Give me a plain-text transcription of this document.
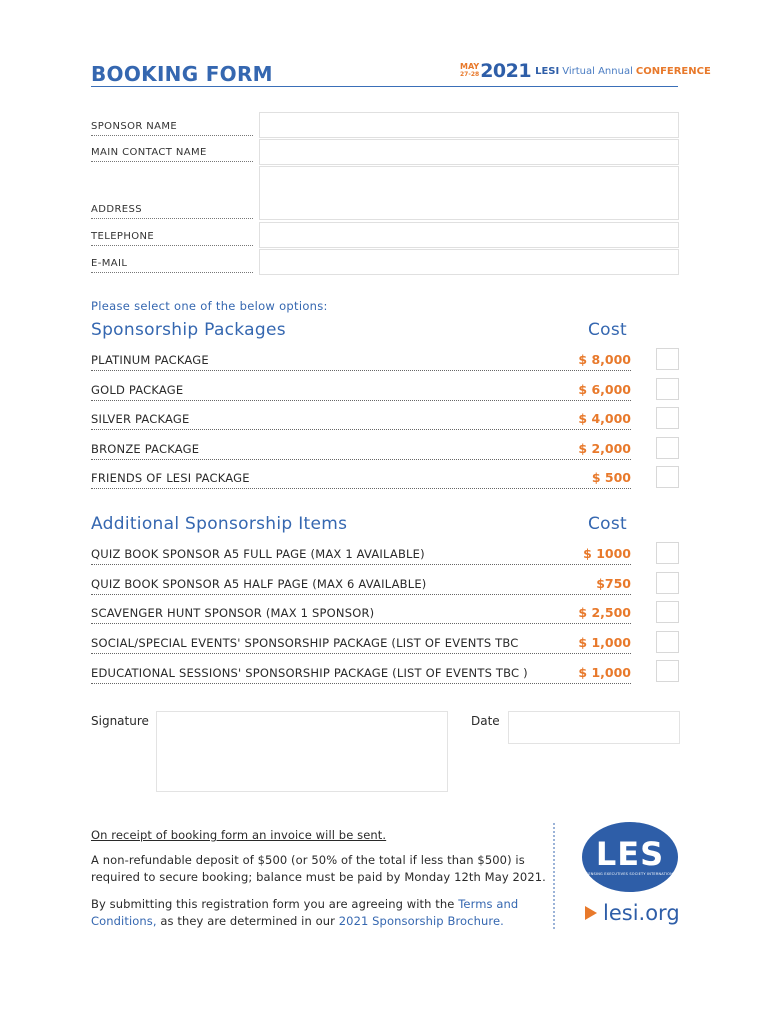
BOOKING FORM	MAY
27-28 2021 LESI Virtual Annual CONFERENCE
SPONSOR NAME
MAIN CONTACT NAME
ADDRESS
TELEPHONE
E-MAIL
Please select one of the below options:
Sponsorship Packages	Cost
PLATINUM PACKAGE	$ 8,000
GOLD PACKAGE	$ 6,000
SILVER PACKAGE	$ 4,000
BRONZE PACKAGE	$ 2,000
FRIENDS OF LESI PACKAGE	$ 500
Additional Sponsorship Items	Cost
QUIZ BOOK SPONSOR A5 FULL PAGE (MAX 1 AVAILABLE)	$ 1000
QUIZ BOOK SPONSOR A5 HALF PAGE (MAX 6 AVAILABLE)	$750
SCAVENGER HUNT SPONSOR (MAX 1 SPONSOR)	$ 2,500
SOCIAL/SPECIAL EVENTS' SPONSORSHIP PACKAGE (LIST OF EVENTS TBC	$ 1,000
EDUCATIONAL SESSIONS' SPONSORSHIP PACKAGE (LIST OF EVENTS TBC )	$ 1,000
Signature	Date
On receipt of booking form an invoice will be sent.
A non-refundable deposit of $500 (or 50% of the total if less than $500) is required to secure booking; balance must be paid by Monday 12th May 2021.
By submitting this registration form you are agreeing with the Terms and Conditions, as they are determined in our 2021 Sponsorship Brochure.
LES
LICENSING EXECUTIVES SOCIETY INTERNATIONAL
lesi.org
